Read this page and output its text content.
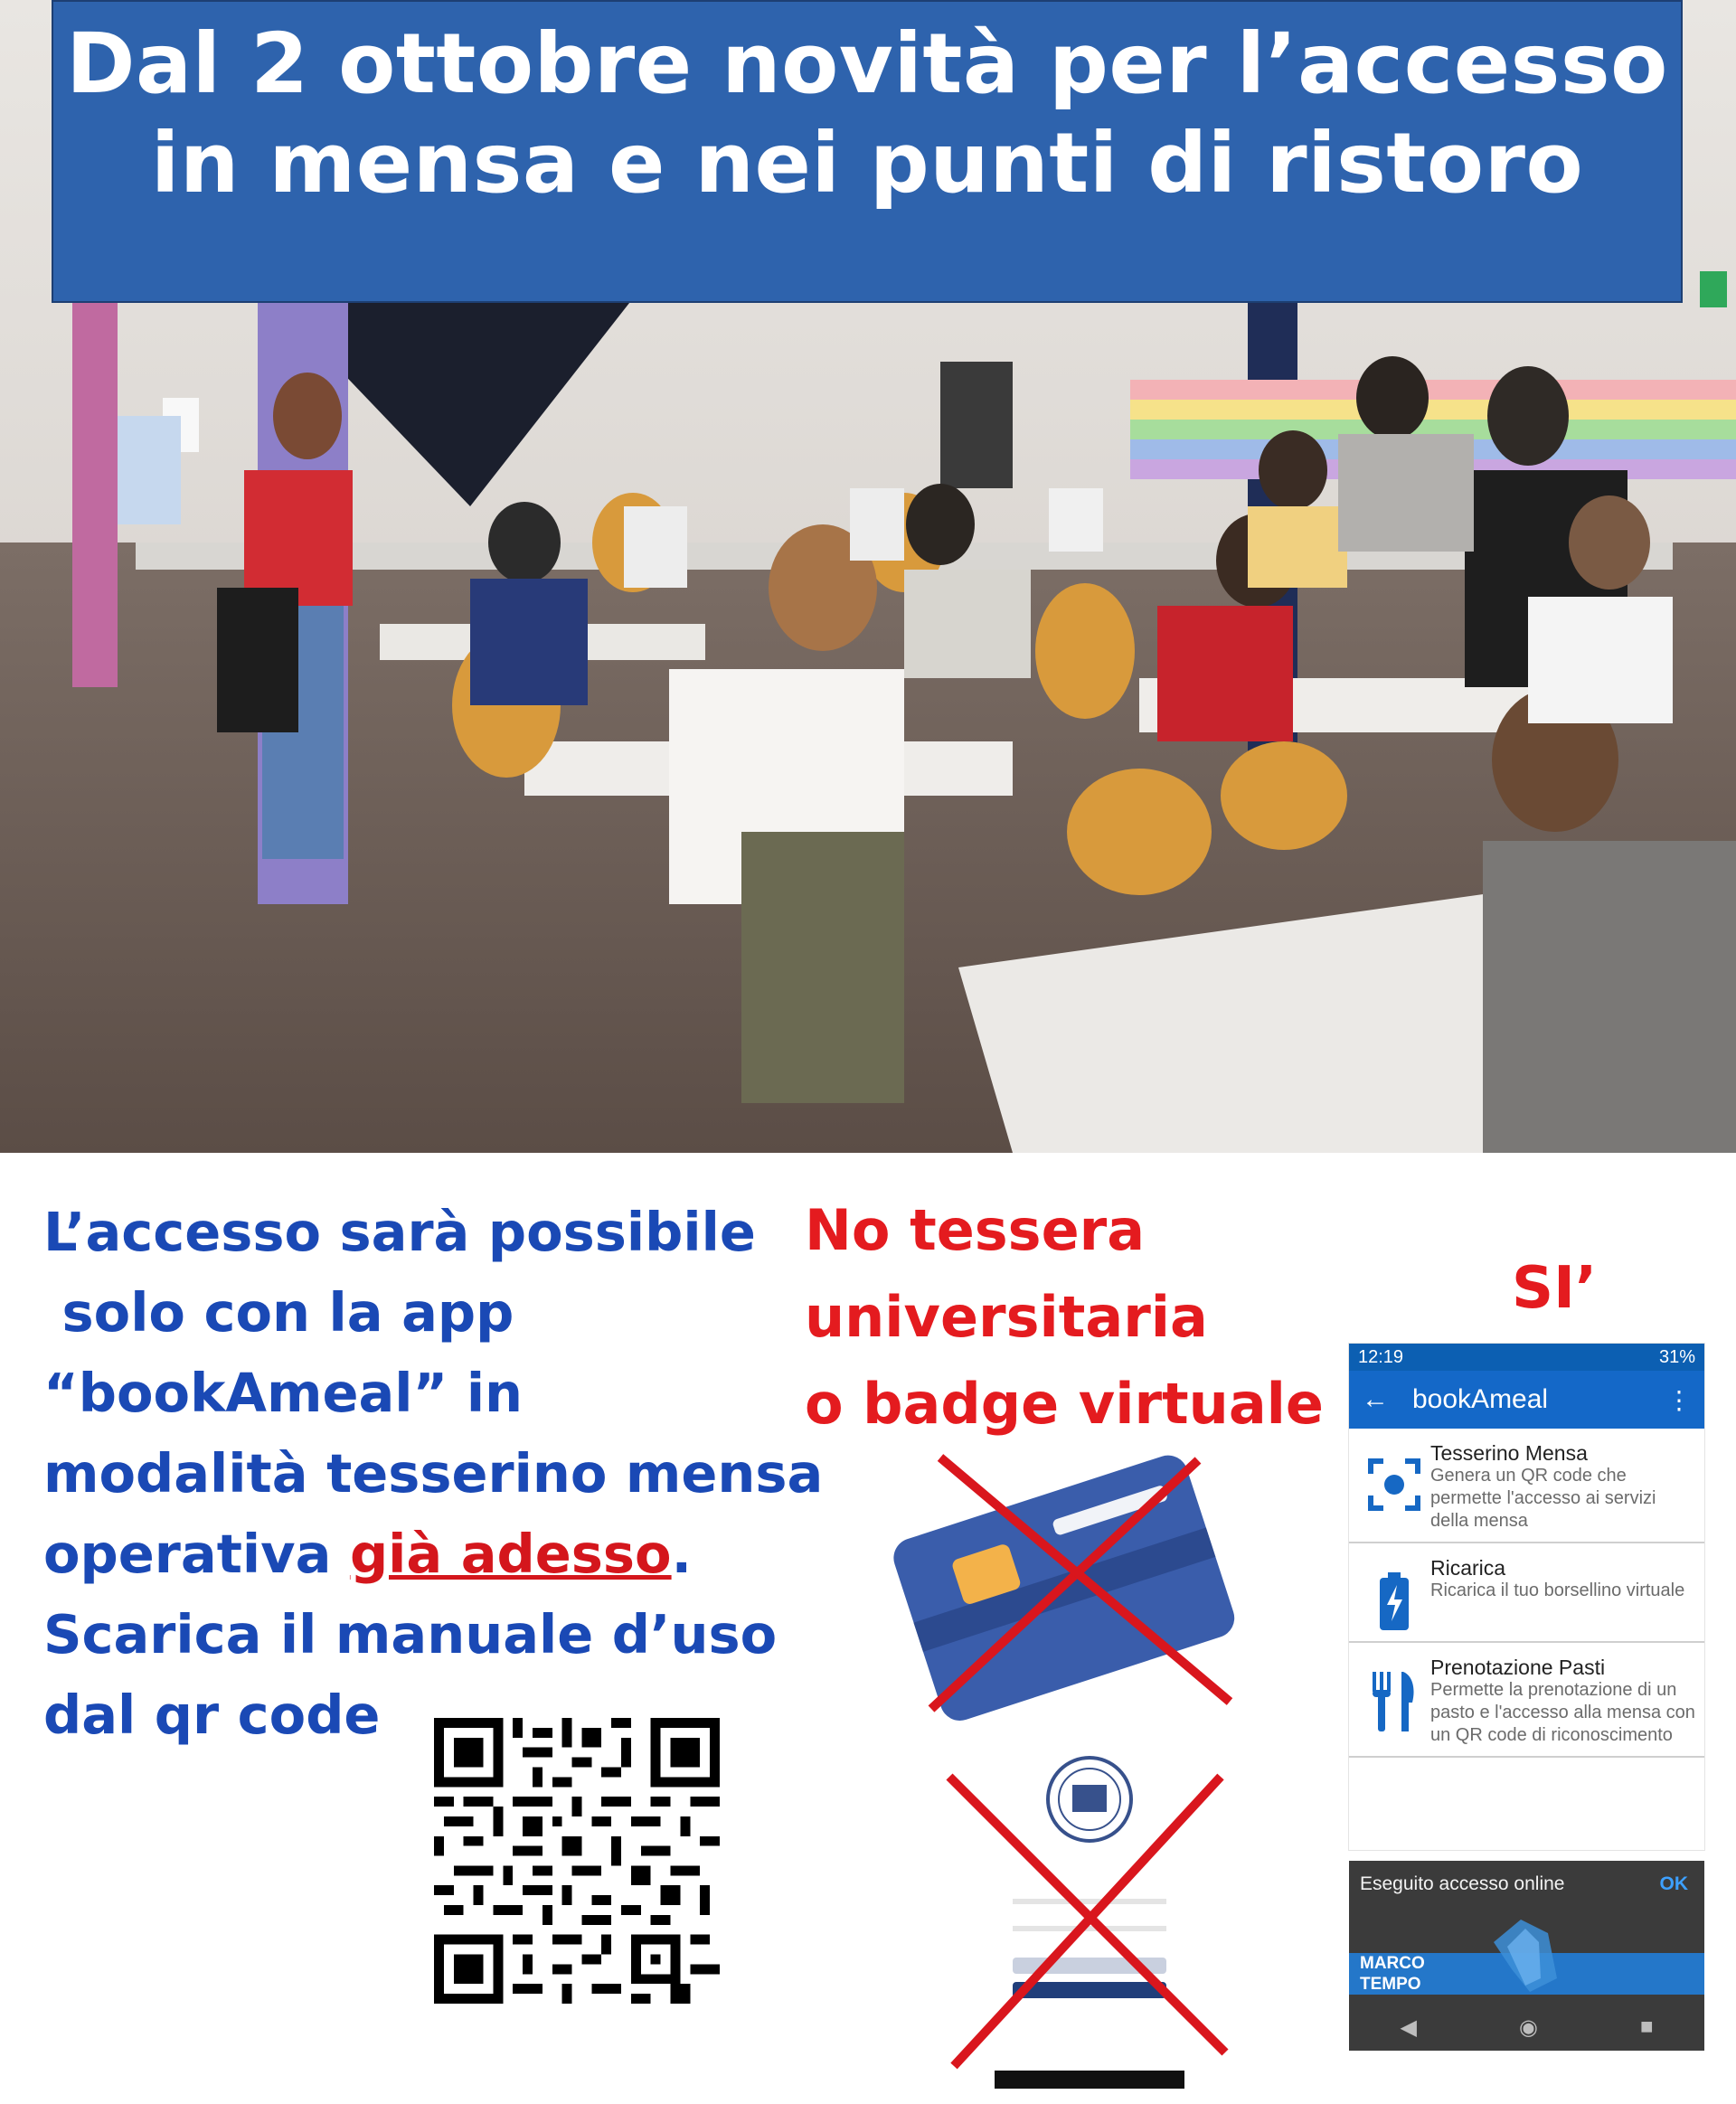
Dal 2 ottobre novità per l’accesso
in mensa e nei punti di ristoro
L’accesso sarà possibile
solo con la app
“bookAmeal” in
modalità tesserino mensa
operativa già adesso.
Scarica il manuale d’uso
dal qr code
No tessera
universitaria
o badge virtuale
SI’
12:19	31%
← bookAmeal	⋮
Tesserino Mensa
Genera un QR code che permette l'accesso ai servizi della mensa
Ricarica
Ricarica il tuo borsellino virtuale
Prenotazione Pasti
Permette la prenotazione di un pasto e l'accesso alla mensa con un QR code di riconoscimento
Eseguito accesso online	OK
MARCO
TEMPO
◀	◉	■
